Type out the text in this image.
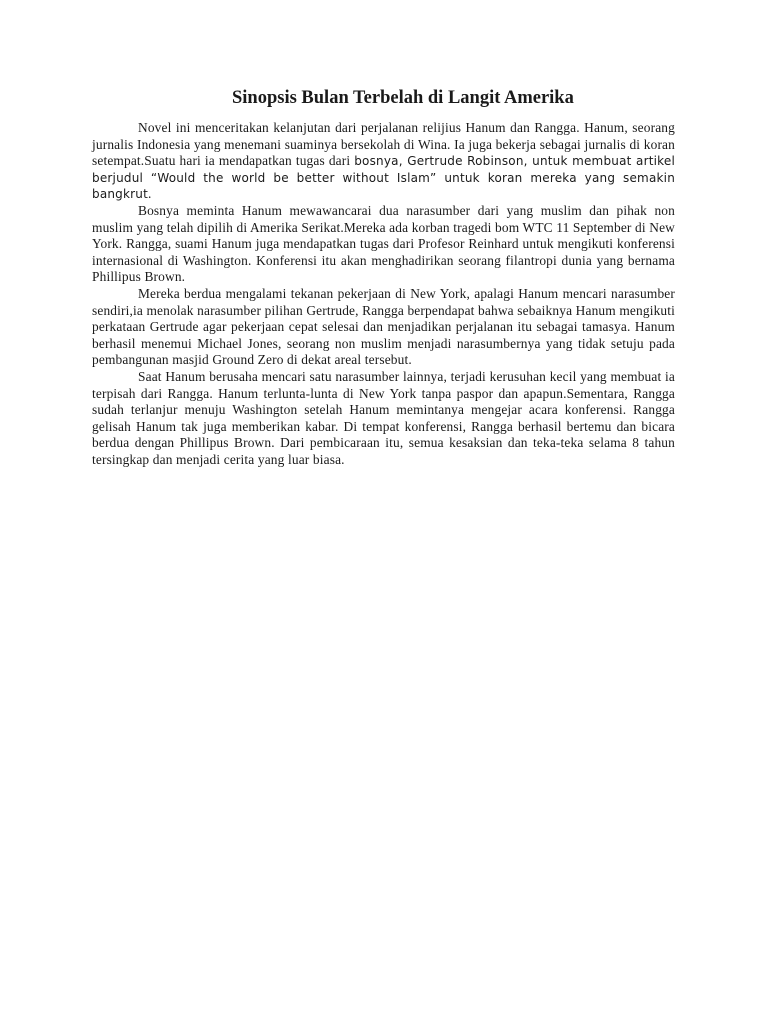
Sinopsis Bulan Terbelah di Langit Amerika

Novel ini menceritakan kelanjutan dari perjalanan relijius Hanum dan Rangga. Hanum, seorang jurnalis Indonesia yang menemani suaminya bersekolah di Wina. Ia juga bekerja sebagai jurnalis di koran setempat.Suatu hari ia mendapatkan tugas dari bosnya, Gertrude Robinson, untuk membuat artikel berjudul “Would the world be better without Islam” untuk koran mereka yang semakin bangkrut.

Bosnya meminta Hanum mewawancarai dua narasumber dari yang muslim dan pihak non muslim yang telah dipilih di Amerika Serikat.Mereka ada korban tragedi bom WTC 11 September di New York. Rangga, suami Hanum juga mendapatkan tugas dari Profesor Reinhard untuk mengikuti konferensi internasional di Washington. Konferensi itu akan menghadirikan seorang filantropi dunia yang bernama Phillipus Brown.

Mereka berdua mengalami tekanan pekerjaan di New York, apalagi Hanum mencari narasumber sendiri,ia menolak narasumber pilihan Gertrude, Rangga berpendapat bahwa sebaiknya Hanum mengikuti perkataan Gertrude agar pekerjaan cepat selesai dan menjadikan perjalanan itu sebagai tamasya. Hanum berhasil menemui Michael Jones, seorang non muslim menjadi narasumbernya yang tidak setuju pada pembangunan masjid Ground Zero di dekat areal tersebut.

Saat Hanum berusaha mencari satu narasumber lainnya, terjadi kerusuhan kecil yang membuat ia terpisah dari Rangga. Hanum terlunta-lunta di New York tanpa paspor dan apapun.Sementara, Rangga sudah terlanjur menuju Washington setelah Hanum memintanya mengejar acara konferensi. Rangga gelisah Hanum tak juga memberikan kabar. Di tempat konferensi, Rangga berhasil bertemu dan bicara berdua dengan Phillipus Brown. Dari pembicaraan itu, semua kesaksian dan teka-teka selama 8 tahun tersingkap dan menjadi cerita yang luar biasa.
